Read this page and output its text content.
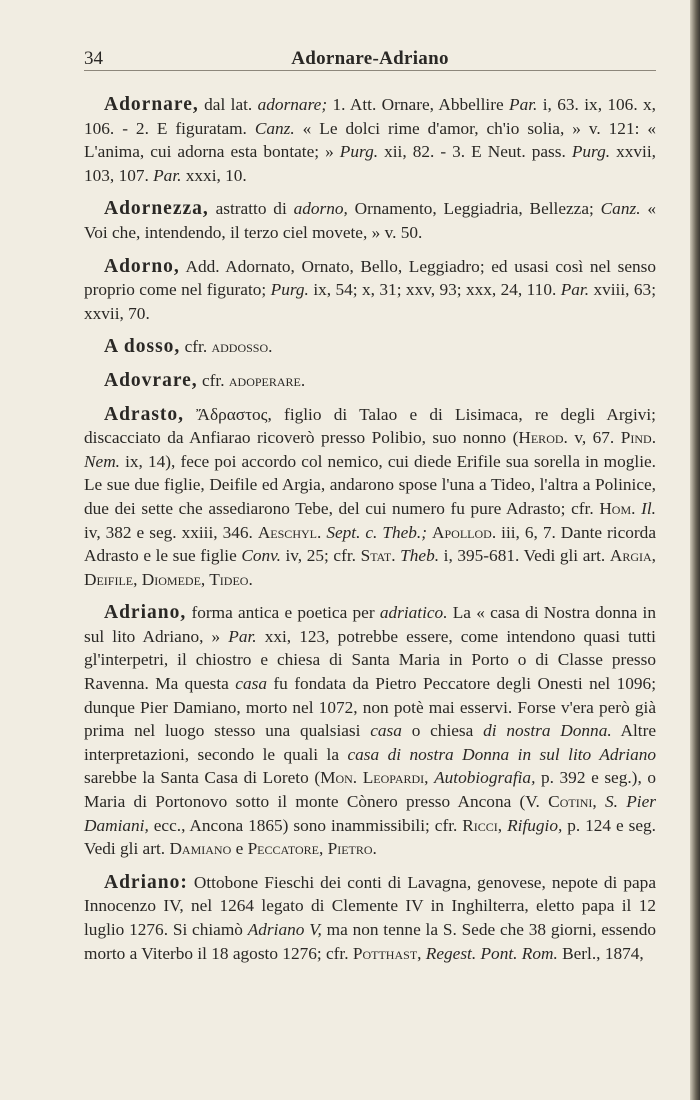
34	Adornare-Adriano

Adornare, dal lat. adornare; 1. Att. Ornare, Abbellire Par. i, 63. ix, 106. x, 106. - 2. E figuratam. Canz. « Le dolci rime d'amor, ch'io solia, » v. 121: « L'anima, cui adorna esta bontate; » Purg. xii, 82. - 3. E Neut. pass. Purg. xxvii, 103, 107. Par. xxxi, 10.

Adornezza, astratto di adorno, Ornamento, Leggiadria, Bellezza; Canz. « Voi che, intendendo, il terzo ciel movete, » v. 50.

Adorno, Add. Adornato, Ornato, Bello, Leggiadro; ed usasi così nel senso proprio come nel figurato; Purg. ix, 54; x, 31; xxv, 93; xxx, 24, 110. Par. xviii, 63; xxvii, 70.

A dosso, cfr. addosso.

Adovrare, cfr. adoperare.

Adrasto, Ἄδραστος, figlio di Talao e di Lisimaca, re degli Argivi; discacciato da Anfiarao ricoverò presso Polibio, suo nonno (Herod. v, 67. Pind. Nem. ix, 14), fece poi accordo col nemico, cui diede Erifile sua sorella in moglie. Le sue due figlie, Deifile ed Argia, andarono spose l'una a Tideo, l'altra a Polinice, due dei sette che assediarono Tebe, del cui numero fu pure Adrasto; cfr. Hom. Il. iv, 382 e seg. xxiii, 346. Aeschyl. Sept. c. Theb.; Apollod. iii, 6, 7. Dante ricorda Adrasto e le sue figlie Conv. iv, 25; cfr. Stat. Theb. i, 395-681. Vedi gli art. Argia, Deifile, Diomede, Tideo.

Adriano, forma antica e poetica per adriatico. La « casa di Nostra donna in sul lito Adriano, » Par. xxi, 123, potrebbe essere, come intendono quasi tutti gl'interpetri, il chiostro e chiesa di Santa Maria in Porto o di Classe presso Ravenna. Ma questa casa fu fondata da Pietro Peccatore degli Onesti nel 1096; dunque Pier Damiano, morto nel 1072, non potè mai esservi. Forse v'era però già prima nel luogo stesso una qualsiasi casa o chiesa di nostra Donna. Altre interpretazioni, secondo le quali la casa di nostra Donna in sul lito Adriano sarebbe la Santa Casa di Loreto (Mon. Leopardi, Autobiografia, p. 392 e seg.), o Maria di Portonovo sotto il monte Cònero presso Ancona (V. Cotini, S. Pier Damiani, ecc., Ancona 1865) sono inammissibili; cfr. Ricci, Rifugio, p. 124 e seg. Vedi gli art. Damiano e Peccatore, Pietro.

Adriano: Ottobone Fieschi dei conti di Lavagna, genovese, nepote di papa Innocenzo IV, nel 1264 legato di Clemente IV in Inghilterra, eletto papa il 12 luglio 1276. Si chiamò Adriano V, ma non tenne la S. Sede che 38 giorni, essendo morto a Viterbo il 18 agosto 1276; cfr. Potthast, Regest. Pont. Rom. Berl., 1874,
